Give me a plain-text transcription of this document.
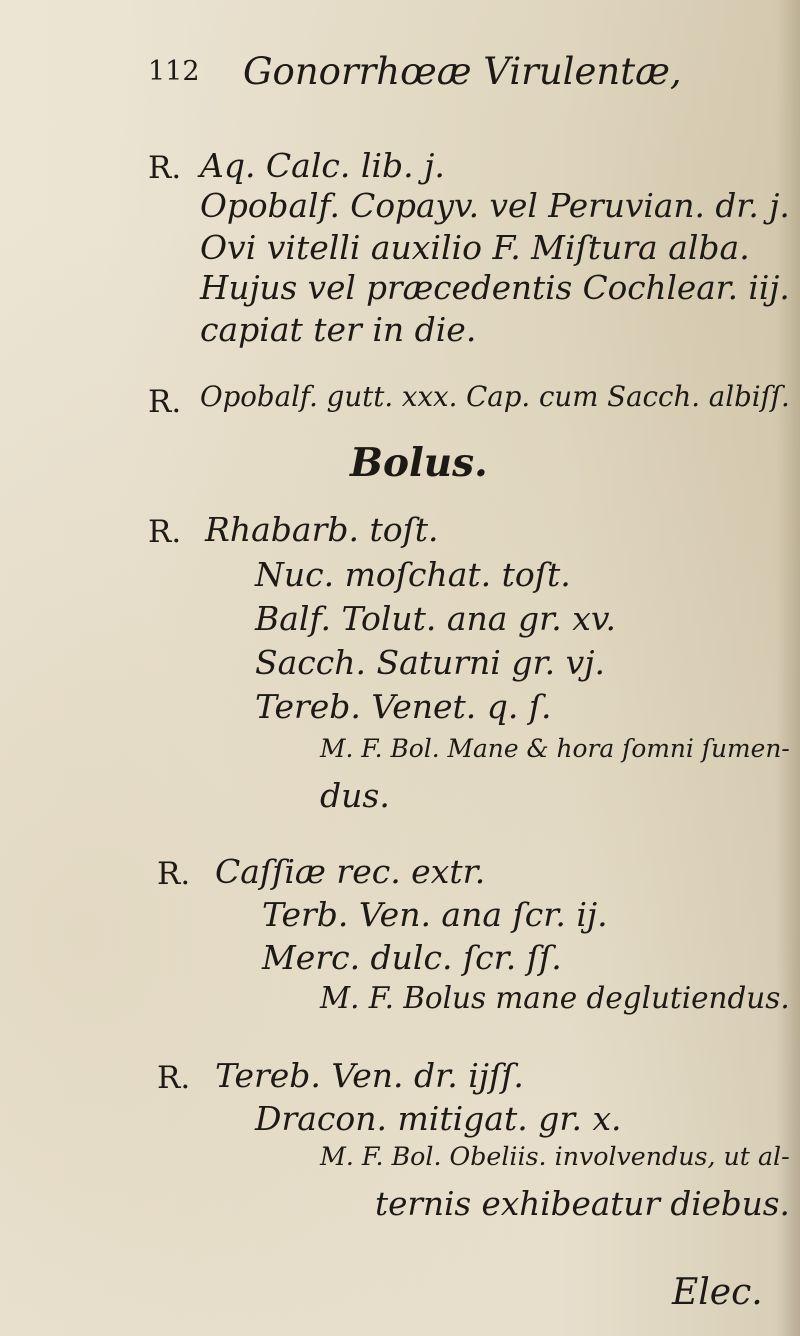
112 Gonorrhœæ Virulentæ,
R. Aq. Calc. lib. j.
Opobalf. Copayv. vel Peruvian. dr. j.
Ovi vitelli auxilio F. Miſtura alba.
Hujus vel præcedentis Cochlear. iij.
capiat ter in die.
R. Opobalf. gutt. xxx. Cap. cum Sacch. albiſſ.
Bolus.
R. Rhabarb. toſt.
Nuc. moſchat. toſt.
Balf. Tolut. ana gr. xv.
Sacch. Saturni gr. vj.
Tereb. Venet. q. ſ.
M. F. Bol. Mane & hora ſomni ſumen-
dus.
R. Caſſiæ rec. extr.
Terb. Ven. ana ſcr. ij.
Merc. dulc. ſcr. ſſ.
M. F. Bolus mane deglutiendus.
R. Tereb. Ven. dr. ijſſ.
Dracon. mitigat. gr. x.
M. F. Bol. Obeliis. involvendus, ut al-
ternis exhibeatur diebus.
Elec.
